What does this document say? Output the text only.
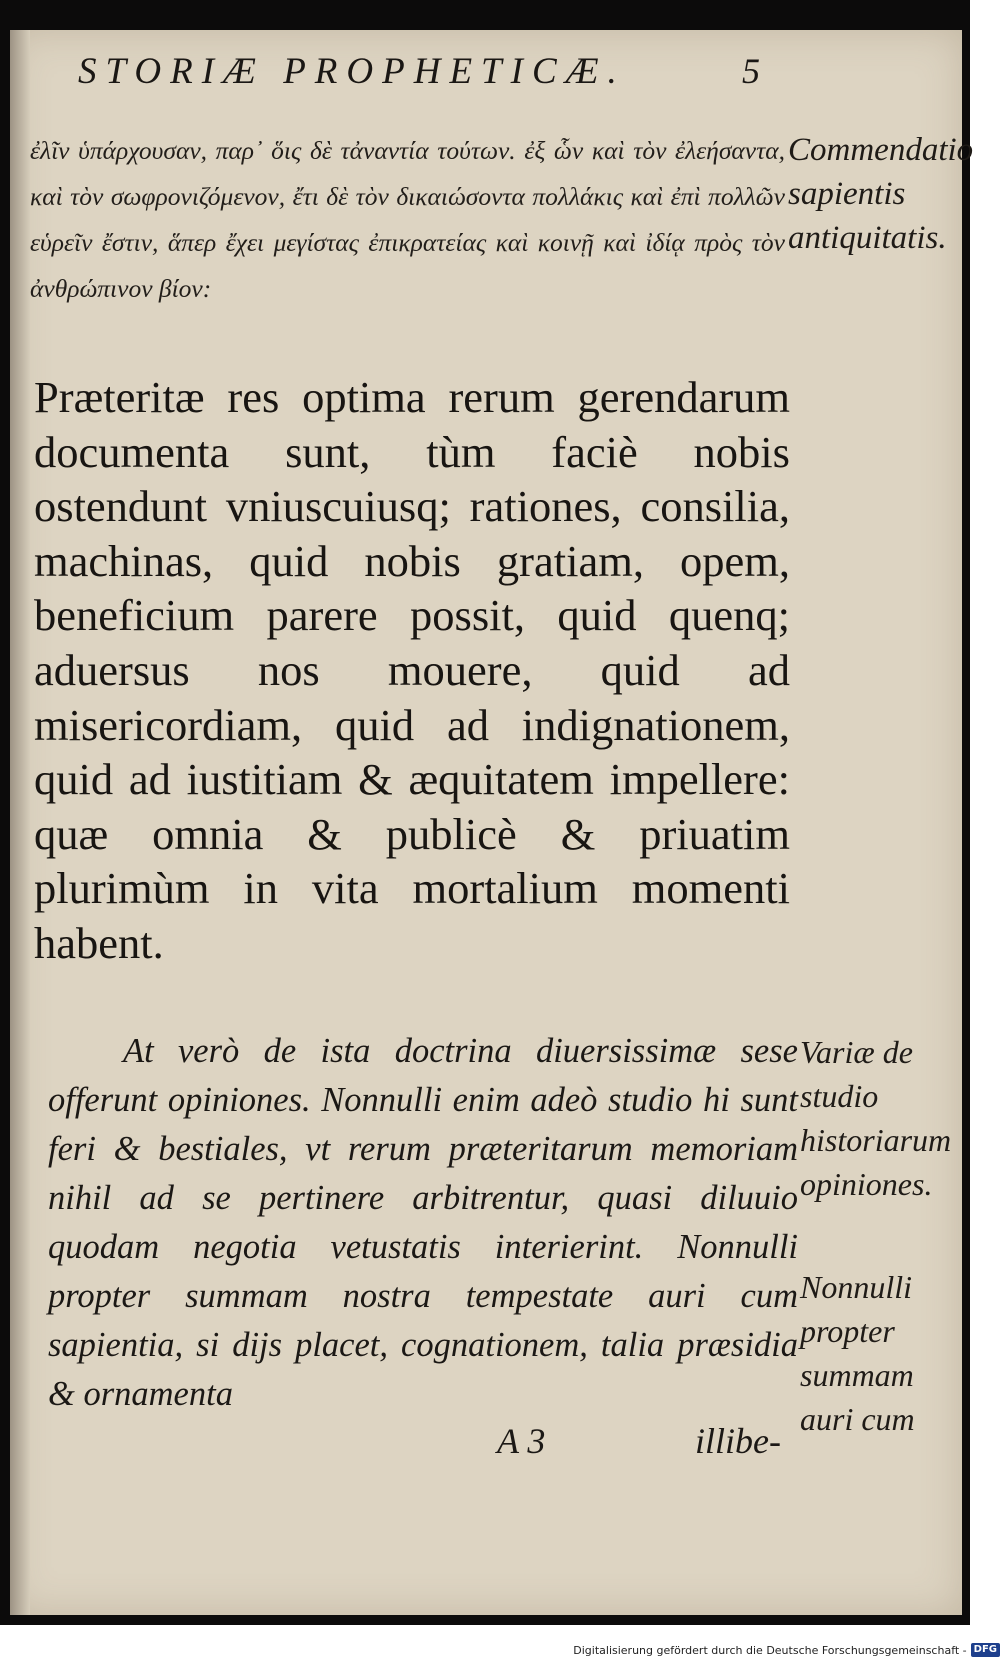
STORIÆ PROPHETICÆ.	5
ἐλῖν ὑπάρχουσαν, παρ᾽ ὅις δὲ τἀναντία τούτων. ἐξ ὧν καὶ τὸν ἐλεήσαντα, καὶ τὸν σωφρονιζόμενον, ἔτι δὲ τὸν δικαιώσοντα πολλάκις καὶ ἐπὶ πολλῶν εὑρεῖν ἔστιν, ἅπερ ἔχει μεγίστας ἐπικρατείας καὶ κοινῇ καὶ ἰδίᾳ πρὸς τὸν ἀνθρώπινον βίον:
Commendatio sapientis antiquitatis.
Præteritæ res optima rerum gerendarum documenta sunt, tùm faciè nobis ostendunt vniuscuiusq; rationes, consilia, machinas, quid nobis gratiam, opem, beneficium parere possit, quid quenq; aduersus nos mouere, quid ad misericordiam, quid ad indignationem, quid ad iustitiam & æquitatem impellere: quæ omnia & publicè & priuatim plurimùm in vita mortalium momenti habent.
At verò de ista doctrina diuersissimæ sese offerunt opiniones. Nonnulli enim adeò studio hi sunt feri & bestiales, vt rerum præteritarum memoriam nihil ad se pertinere arbitrentur, quasi diluuio quodam negotia vetustatis interierint. Nonnulli propter summam nostra tempestate auri cum sapientia, si dijs placet, cognationem, talia præsidia & ornamenta
Variæ de studio historiarum opiniones.
Nonnulli propter summam auri cum
A 3	illibe-
Digitalisierung gefördert durch die Deutsche Forschungsgemeinschaft - DFG
